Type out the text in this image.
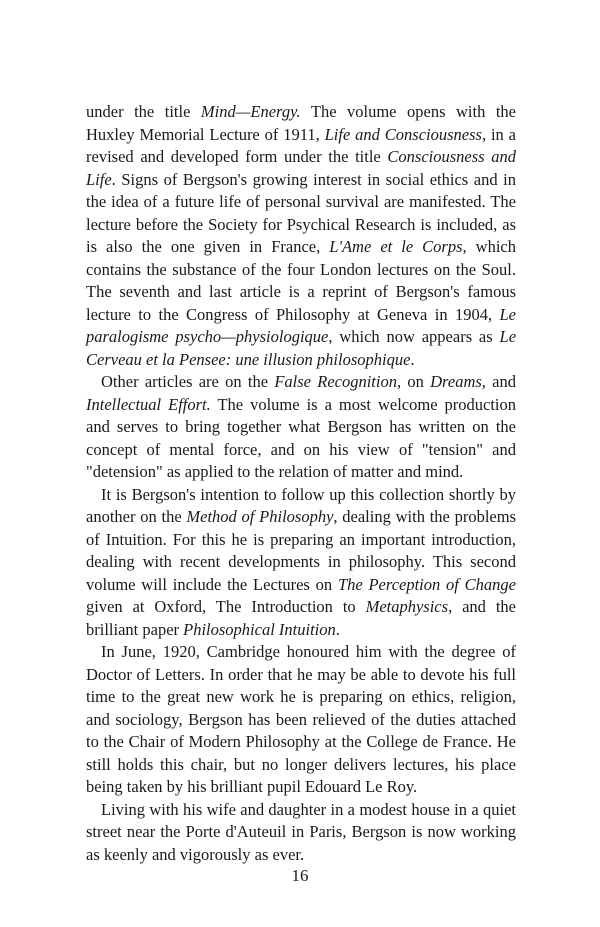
under the title Mind—Energy. The volume opens with the Huxley Memorial Lecture of 1911, Life and Consciousness, in a revised and developed form under the title Consciousness and Life. Signs of Bergson's growing interest in social ethics and in the idea of a future life of personal survival are manifested. The lecture before the Society for Psychical Research is included, as is also the one given in France, L'Ame et le Corps, which contains the substance of the four London lectures on the Soul. The seventh and last article is a reprint of Bergson's famous lecture to the Congress of Philosophy at Geneva in 1904, Le paralogisme psycho—physiologique, which now appears as Le Cerveau et la Pensee: une illusion philosophique.

Other articles are on the False Recognition, on Dreams, and Intellectual Effort. The volume is a most welcome production and serves to bring together what Bergson has written on the concept of mental force, and on his view of "tension" and "detension" as applied to the relation of matter and mind.

It is Bergson's intention to follow up this collection shortly by another on the Method of Philosophy, dealing with the problems of Intuition. For this he is preparing an important introduction, dealing with recent developments in philosophy. This second volume will include the Lectures on The Perception of Change given at Oxford, The Introduction to Metaphysics, and the brilliant paper Philosophical Intuition.

In June, 1920, Cambridge honoured him with the degree of Doctor of Letters. In order that he may be able to devote his full time to the great new work he is preparing on ethics, religion, and sociology, Bergson has been relieved of the duties attached to the Chair of Modern Philosophy at the College de France. He still holds this chair, but no longer delivers lectures, his place being taken by his brilliant pupil Edouard Le Roy.

Living with his wife and daughter in a modest house in a quiet street near the Porte d'Auteuil in Paris, Bergson is now working as keenly and vigorously as ever.

16
